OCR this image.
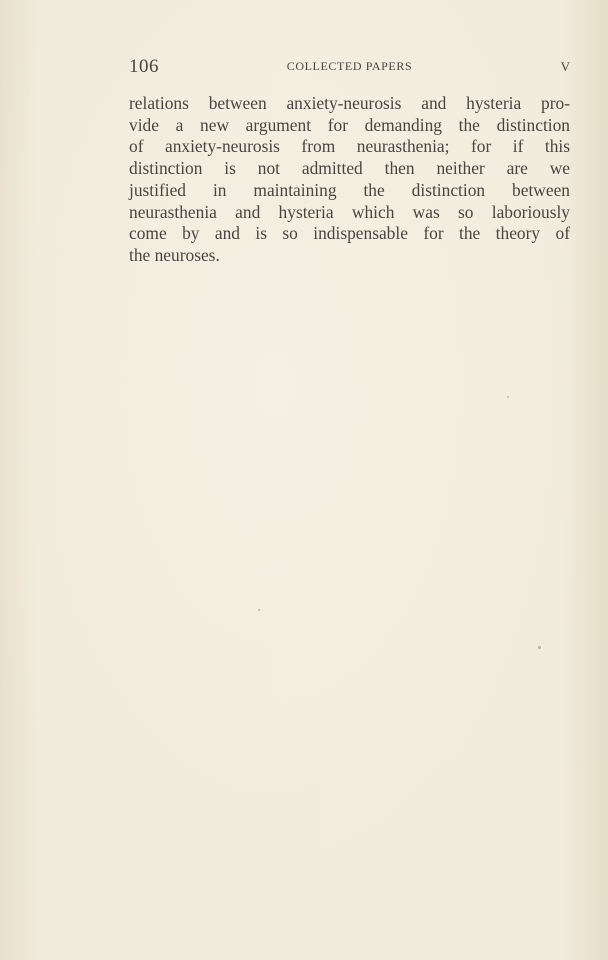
106	COLLECTED PAPERS	V
relations between anxiety-neurosis and hysteria pro-
vide a new argument for demanding the distinction
of anxiety-neurosis from neurasthenia; for if this
distinction is not admitted then neither are we
justified in maintaining the distinction between
neurasthenia and hysteria which was so laboriously
come by and is so indispensable for the theory of
the neuroses.
